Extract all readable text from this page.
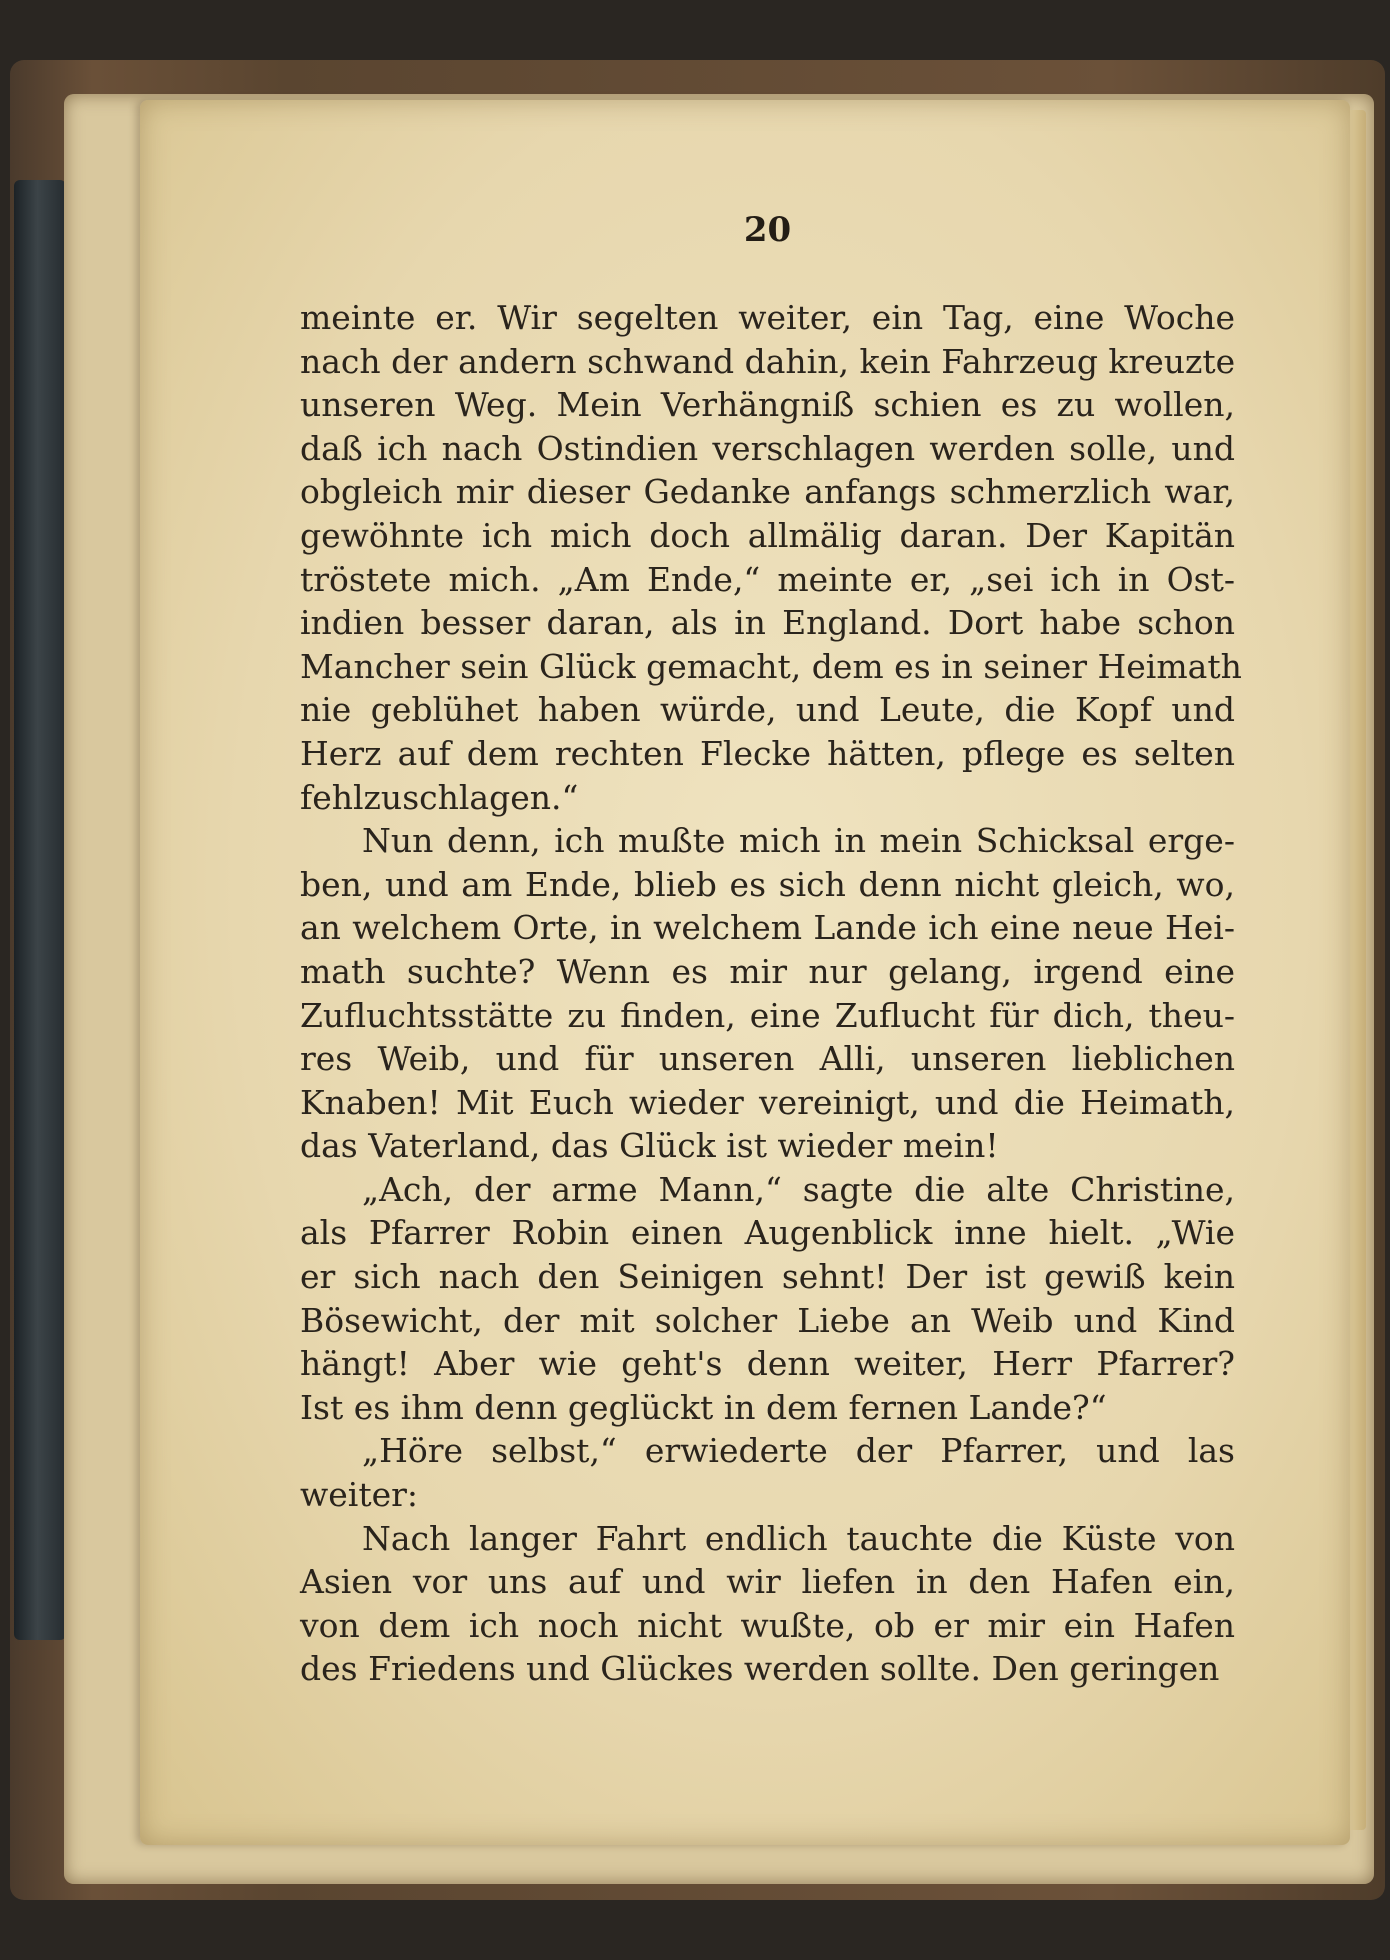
20

meinte er. Wir segelten weiter, ein Tag, eine Woche
nach der andern schwand dahin, kein Fahrzeug kreuzte
unseren Weg. Mein Verhängniß schien es zu wollen,
daß ich nach Ostindien verschlagen werden solle, und
obgleich mir dieser Gedanke anfangs schmerzlich war,
gewöhnte ich mich doch allmälig daran. Der Kapitän
tröstete mich. „Am Ende,“ meinte er, „sei ich in Ost-
indien besser daran, als in England. Dort habe schon
Mancher sein Glück gemacht, dem es in seiner Heimath
nie geblühet haben würde, und Leute, die Kopf und
Herz auf dem rechten Flecke hätten, pflege es selten
fehlzuschlagen.“

Nun denn, ich mußte mich in mein Schicksal erge-
ben, und am Ende, blieb es sich denn nicht gleich, wo,
an welchem Orte, in welchem Lande ich eine neue Hei-
math suchte? Wenn es mir nur gelang, irgend eine
Zufluchtsstätte zu finden, eine Zuflucht für dich, theu-
res Weib, und für unseren Alli, unseren lieblichen
Knaben! Mit Euch wieder vereinigt, und die Heimath,
das Vaterland, das Glück ist wieder mein!

„Ach, der arme Mann,“ sagte die alte Christine,
als Pfarrer Robin einen Augenblick inne hielt. „Wie
er sich nach den Seinigen sehnt! Der ist gewiß kein
Bösewicht, der mit solcher Liebe an Weib und Kind
hängt! Aber wie geht's denn weiter, Herr Pfarrer?
Ist es ihm denn geglückt in dem fernen Lande?“

„Höre selbst,“ erwiederte der Pfarrer, und las
weiter:

Nach langer Fahrt endlich tauchte die Küste von
Asien vor uns auf und wir liefen in den Hafen ein,
von dem ich noch nicht wußte, ob er mir ein Hafen
des Friedens und Glückes werden sollte. Den geringen
